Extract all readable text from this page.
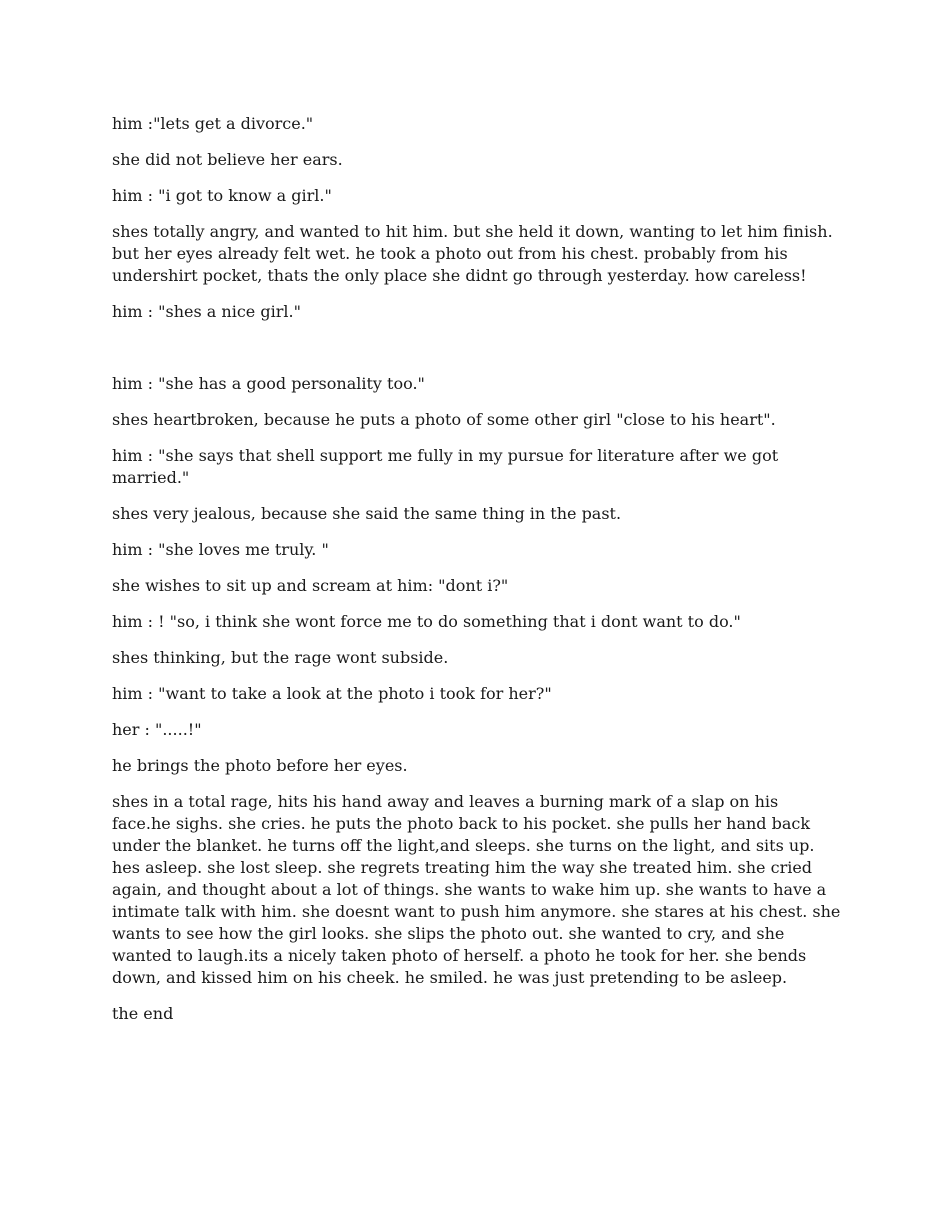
him :"lets get a divorce."

she did not believe her ears.

him : "i got to know a girl."

shes totally angry, and wanted to hit him. but she held it down, wanting to let him finish. but her eyes already felt wet. he took a photo out from his chest. probably from his undershirt pocket, thats the only place she didnt go through yesterday. how careless!

him : "shes a nice girl."

him : "she has a good personality too."

shes heartbroken, because he puts a photo of some other girl "close to his heart".

him : "she says that shell support me fully in my pursue for literature after we got married."

shes very jealous, because she said the same thing in the past.

him : "she loves me truly. "

she wishes to sit up and scream at him: "dont i?"

him : ! "so, i think she wont force me to do something that i dont want to do."

shes thinking, but the rage wont subside.

him : "want to take a look at the photo i took for her?"

her : ".....!"

he brings the photo before her eyes.

shes in a total rage, hits his hand away and leaves a burning mark of a slap on his face.he sighs. she cries. he puts the photo back to his pocket. she pulls her hand back under the blanket. he turns off the light,and sleeps. she turns on the light, and sits up. hes asleep. she lost sleep. she regrets treating him the way she treated him. she cried again, and thought about a lot of things. she wants to wake him up. she wants to have a intimate talk with him. she doesnt want to push him anymore. she stares at his chest. she wants to see how the girl looks. she slips the photo out. she wanted to cry, and she wanted to laugh.its a nicely taken photo of herself. a photo he took for her. she bends down, and kissed him on his cheek. he smiled. he was just pretending to be asleep.

the end
